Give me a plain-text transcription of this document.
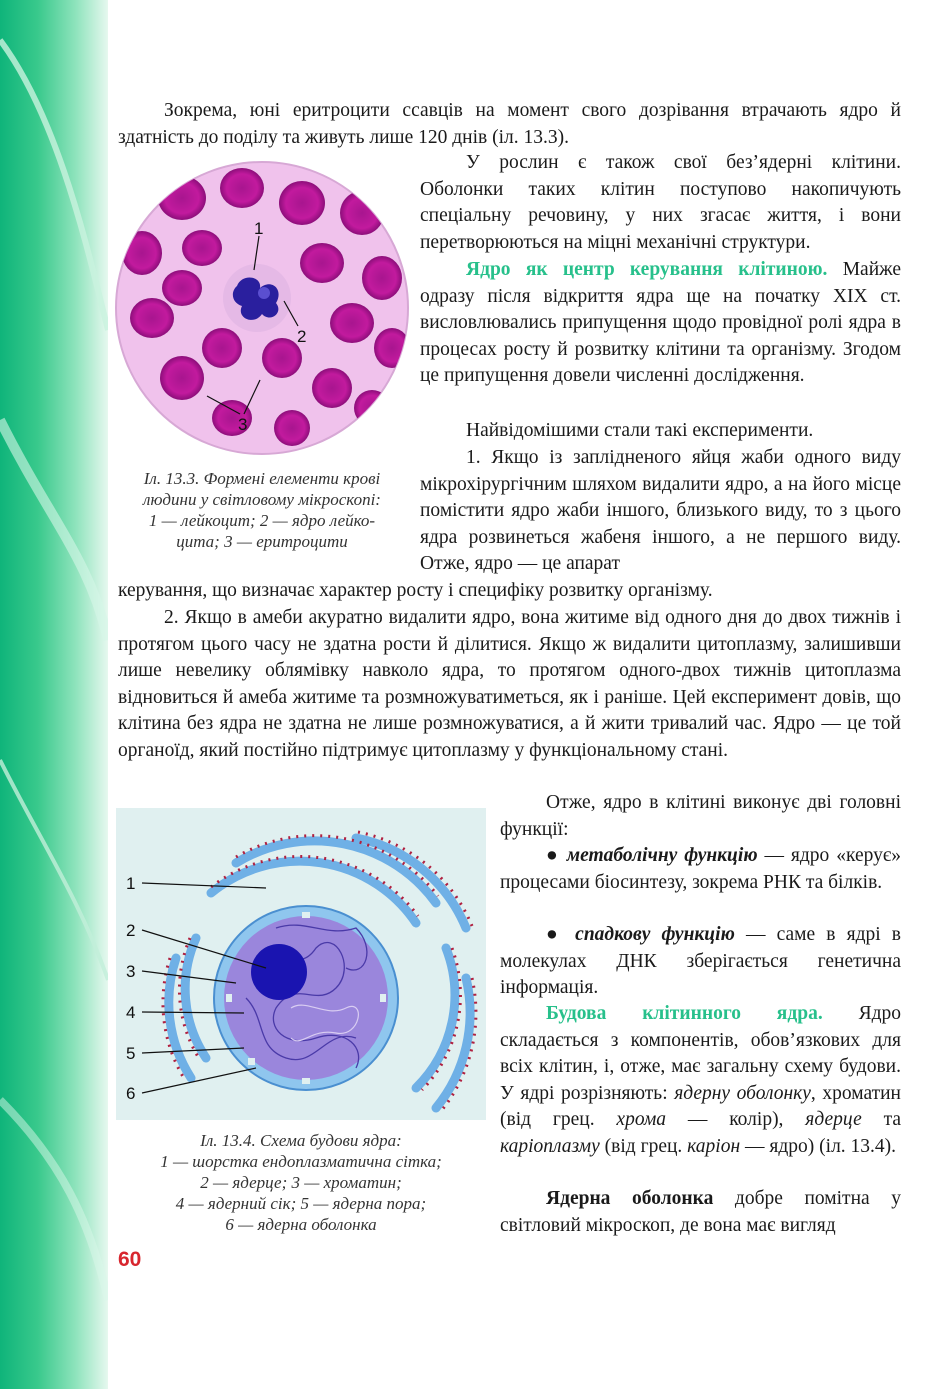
Зокрема, юні еритроцити ссавців на момент свого дозрівання втрачають ядро й здатність до поділу та живуть лише 120 днів (іл. 13.3).

1
2
3
Іл. 13.3. Формені елементи крові
людини у світловому мікроскопі:
1 — лейкоцит; 2 — ядро лейко-
цита; 3 — еритроцити

У рослин є також свої без’ядерні клітини. Оболонки таких клітин поступово накопичують спеціальну речовину, у них згасає життя, і вони перетворюються на міцні механічні структури.

Ядро як центр керування клітиною. Майже одразу після відкриття ядра ще на початку XIX ст. висловлювались припущення щодо провідної ролі ядра в процесах росту й розвитку клітини та організму. Згодом це припущення довели численні дослідження.

Найвідомішими стали такі експерименти.

1. Якщо із заплідненого яйця жаби одного виду мікрохірургічним шляхом видалити ядро, а на його місце помістити ядро жаби іншого, близького виду, то з цього ядра розвинеться жабеня іншого, а не першого виду. Отже, ядро — це апарат

керування, що визначає характер росту і специфіку розвитку організму.

2. Якщо в амеби акуратно видалити ядро, вона житиме від одного дня до двох тижнів і протягом цього часу не здатна рости й ділитися. Якщо ж видалити цитоплазму, залишивши лише невелику облямівку навколо ядра, то протягом одного-двох тижнів цитоплазма відновиться й амеба житиме та розмножуватиметься, як і раніше. Цей експеримент довів, що клітина без ядра не здатна не лише розмножуватися, а й жити тривалий час. Ядро — це той органоїд, який постійно підтримує цитоплазму у функціональному стані.

1
2
3
4
5
6
Іл. 13.4. Схема будови ядра:
1 — шорстка ендоплазматична сітка;
2 — ядерце; 3 — хроматин;
4 — ядерний сік; 5 — ядерна пора;
6 — ядерна оболонка

Отже, ядро в клітині виконує дві головні функції:

● метаболічну функцію — ядро «керує» процесами біосинтезу, зокрема РНК та білків.

● спадкову функцію — саме в ядрі в молекулах ДНК зберігається генетична інформація.

Будова клітинного ядра. Ядро складається з компонентів, обов’язкових для всіх клітин, і, отже, має загальну схему будови. У ядрі розрізняють: ядерну оболонку, хроматин (від грец. хрома — колір), ядерце та каріоплазму (від грец. каріон — ядро) (іл. 13.4).

Ядерна оболонка добре помітна у світловий мікроскоп, де вона має вигляд

60
